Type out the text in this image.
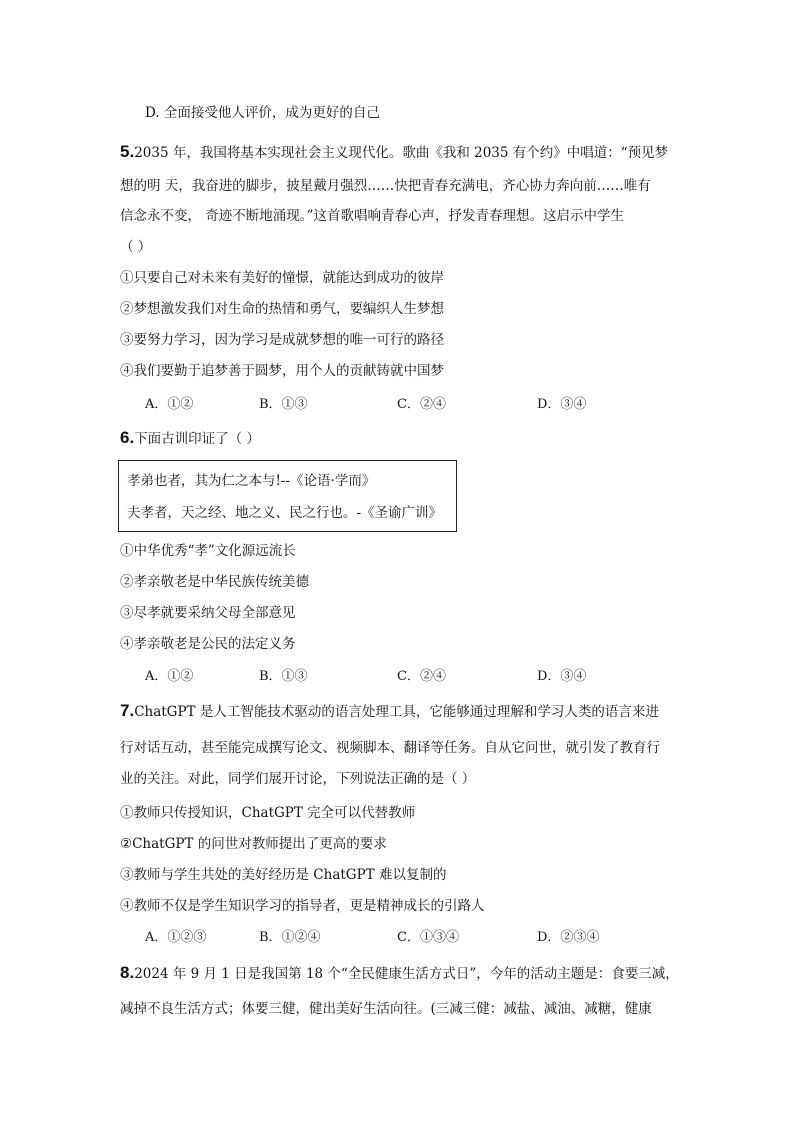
D. 全面接受他人评价，成为更好的自己
5.2035 年，我国将基本实现社会主义现代化。歌曲《我和 2035 有个约》中唱道：“预见梦
想的明 天，我奋进的脚步，披星戴月强烈……快把青春充满电，齐心协力奔向前……唯有
信念永不变， 奇迹不断地涌现。”这首歌唱响青春心声，抒发青春理想。这启示中学生
（ ）
①只要自己对未来有美好的憧憬，就能达到成功的彼岸
②梦想激发我们对生命的热情和勇气，要编织人生梦想
③要努力学习，因为学习是成就梦想的唯一可行的路径
④我们要勤于追梦善于圆梦，用个人的贡献铸就中国梦
A．①②	B．①③	C．②④	D．③④
6.下面古训印证了（ ）
孝弟也者，其为仁之本与!--《论语·学而》
夫孝者，天之经、地之义、民之行也。-《圣谕广训》
①中华优秀“孝”文化源远流长
②孝亲敬老是中华民族传统美德
③尽孝就要采纳父母全部意见
④孝亲敬老是公民的法定义务
A．①②	B．①③	C．②④	D．③④
7.ChatGPT 是人工智能技术驱动的语言处理工具，它能够通过理解和学习人类的语言来进
行对话互动，甚至能完成撰写论文、视频脚本、翻译等任务。自从它问世，就引发了教育行
业的关注。对此，同学们展开讨论，下列说法正确的是（ ）
①教师只传授知识，ChatGPT 完全可以代替教师
②ChatGPT 的问世对教师提出了更高的要求
③教师与学生共处的美好经历是 ChatGPT 难以复制的
④教师不仅是学生知识学习的指导者，更是精神成长的引路人
A．①②③	B．①②④	C．①③④	D．②③④
8.2024 年 9 月 1 日是我国第 18 个“全民健康生活方式日”，今年的活动主题是：食要三减，
减掉不良生活方式；体要三健，健出美好生活向往。(三减三健：减盐、减油、减糖，健康
